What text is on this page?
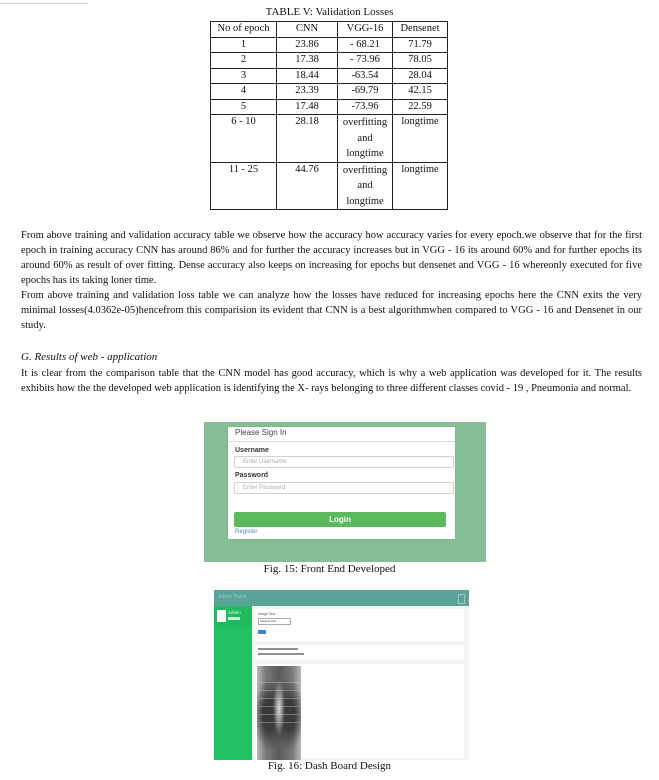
TABLE V: Validation Losses
No of epoch	CNN	VGG-16	Densenet
1	23.86	- 68.21	71.79
2	17.38	- 73.96	78.05
3	18.44	-63.54	28.04
4	23.39	-69.79	42.15
5	17.48	-73.96	22.59
6 - 10	28.18	overfitting and longtime	longtime
11 - 25	44.76	overfitting and longtime	longtime

From above training and validation accuracy table we observe how the accuracy how accuracy varies for every epoch.we observe that for the first epoch in training accuracy CNN has around 86% and for further the accuracy increases but in VGG - 16 its around 60% and for further epochs its around 60% as result of over fitting. Dense accuracy also keeps on increasing for epochs but densenet and VGG - 16 whereonly executed for five epochs has its taking loner time.

From above training and validation loss table we can analyze how the losses have reduced for increasing epochs here the CNN exits the very minimal losses(4.0362e-05)hencefrom this comparision its evident that CNN is a best algorithmwhen compared to VGG - 16 and Densenet in our study.

G. Results of web - application

It is clear from the comparison table that the CNN model has good accuracy, which is why a web application was developed for it. The results exhibits how the the developed web application is identifying the X- rays belonging to three different classes covid - 19 , Pneumonia and normal.

Please Sign In
Username
Enter Username
Password
Enter Password
Login
Register
Fig. 15: Front End Developed
Admin Panel
Admin	Image Test
Choose File
Fig. 16: Dash Board Design
